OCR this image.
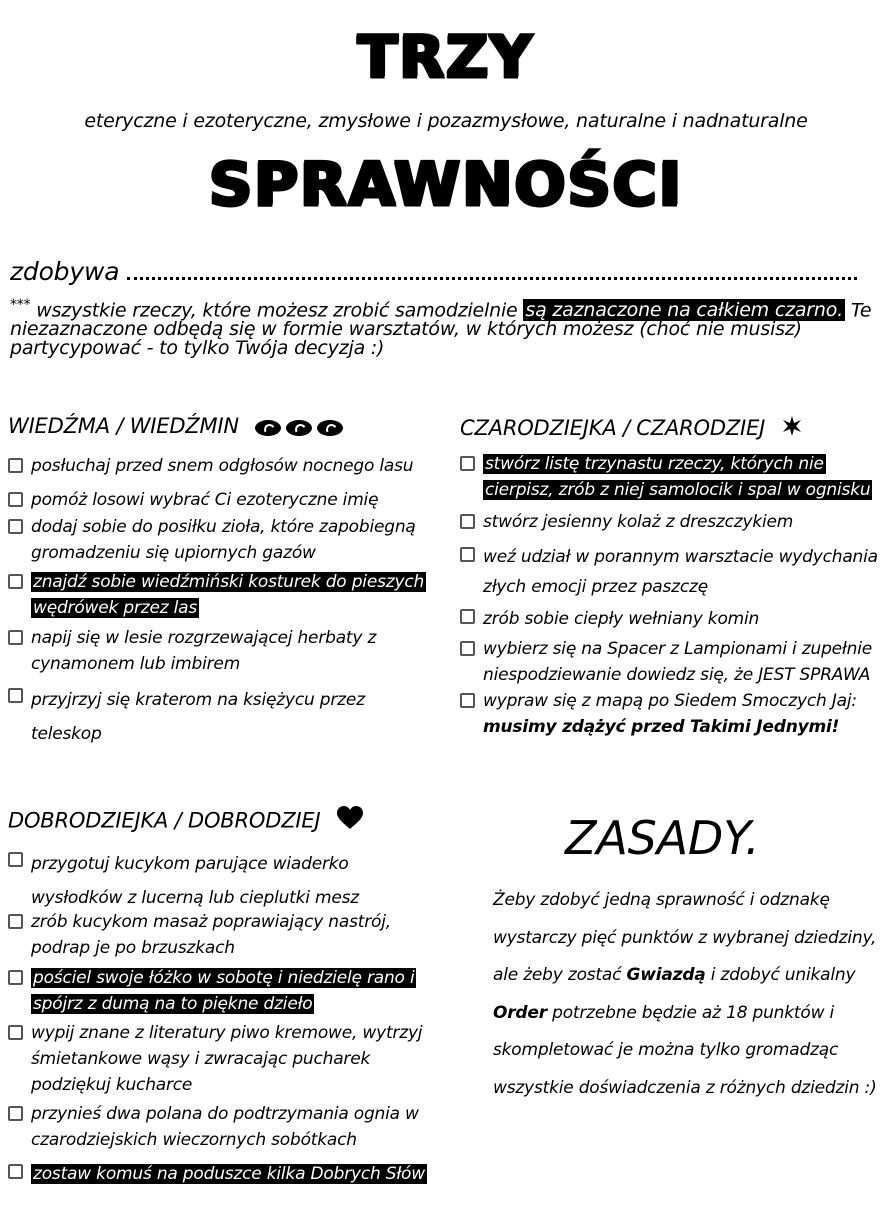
TRZY
eteryczne i ezoteryczne, zmysłowe i pozazmysłowe, naturalne i nadnaturalne
SPRAWNOŚCI
zdobywa
*** wszystkie rzeczy, które możesz zrobić samodzielnie są zaznaczone na całkiem czarno. Te niezaznaczone odbędą się w formie warsztatów, w których możesz (choć nie musisz) partycypować - to tylko Twója decyzja :)
WIEDŹMA / WIEDŹMIN
posłuchaj przed snem odgłosów nocnego lasu
pomóż losowi wybrać Ci ezoteryczne imię
dodaj sobie do posiłku zioła, które zapobiegną gromadzeniu się upiornych gazów
znajdź sobie wiedźmiński kosturek do pieszych wędrówek przez las
napij się w lesie rozgrzewającej herbaty z cynamonem lub imbirem
przyjrzyj się kraterom na księżycu przez teleskop
CZARODZIEJKA / CZARODZIEJ
stwórz listę trzynastu rzeczy, których nie cierpisz, zrób z niej samolocik i spal w ognisku
stwórz jesienny kolaż z dreszczykiem
weź udział w porannym warsztacie wydychania złych emocji przez paszczę
zrób sobie ciepły wełniany komin
wybierz się na Spacer z Lampionami i zupełnie niespodziewanie dowiedz się, że JEST SPRAWA
wypraw się z mapą po Siedem Smoczych Jaj: musimy zdążyć przed Takimi Jednymi!
DOBRODZIEJKA / DOBRODZIEJ
przygotuj kucykom parujące wiaderko wysłodków z lucerną lub cieplutki mesz
zrób kucykom masaż poprawiający nastrój, podrap je po brzuszkach
pościel swoje łóżko w sobotę i niedzielę rano i spójrz z dumą na to piękne dzieło
wypij znane z literatury piwo kremowe, wytrzyj śmietankowe wąsy i zwracając pucharek podziękuj kucharce
przynieś dwa polana do podtrzymania ognia w czarodziejskich wieczornych sobótkach
zostaw komuś na poduszce kilka Dobrych Słów
ZASADY.
Żeby zdobyć jedną sprawność i odznakę wystarczy pięć punktów z wybranej dziedziny, ale żeby zostać Gwiazdą i zdobyć unikalny Order potrzebne będzie aż 18 punktów i skompletować je można tylko gromadząc wszystkie doświadczenia z różnych dziedzin :)
